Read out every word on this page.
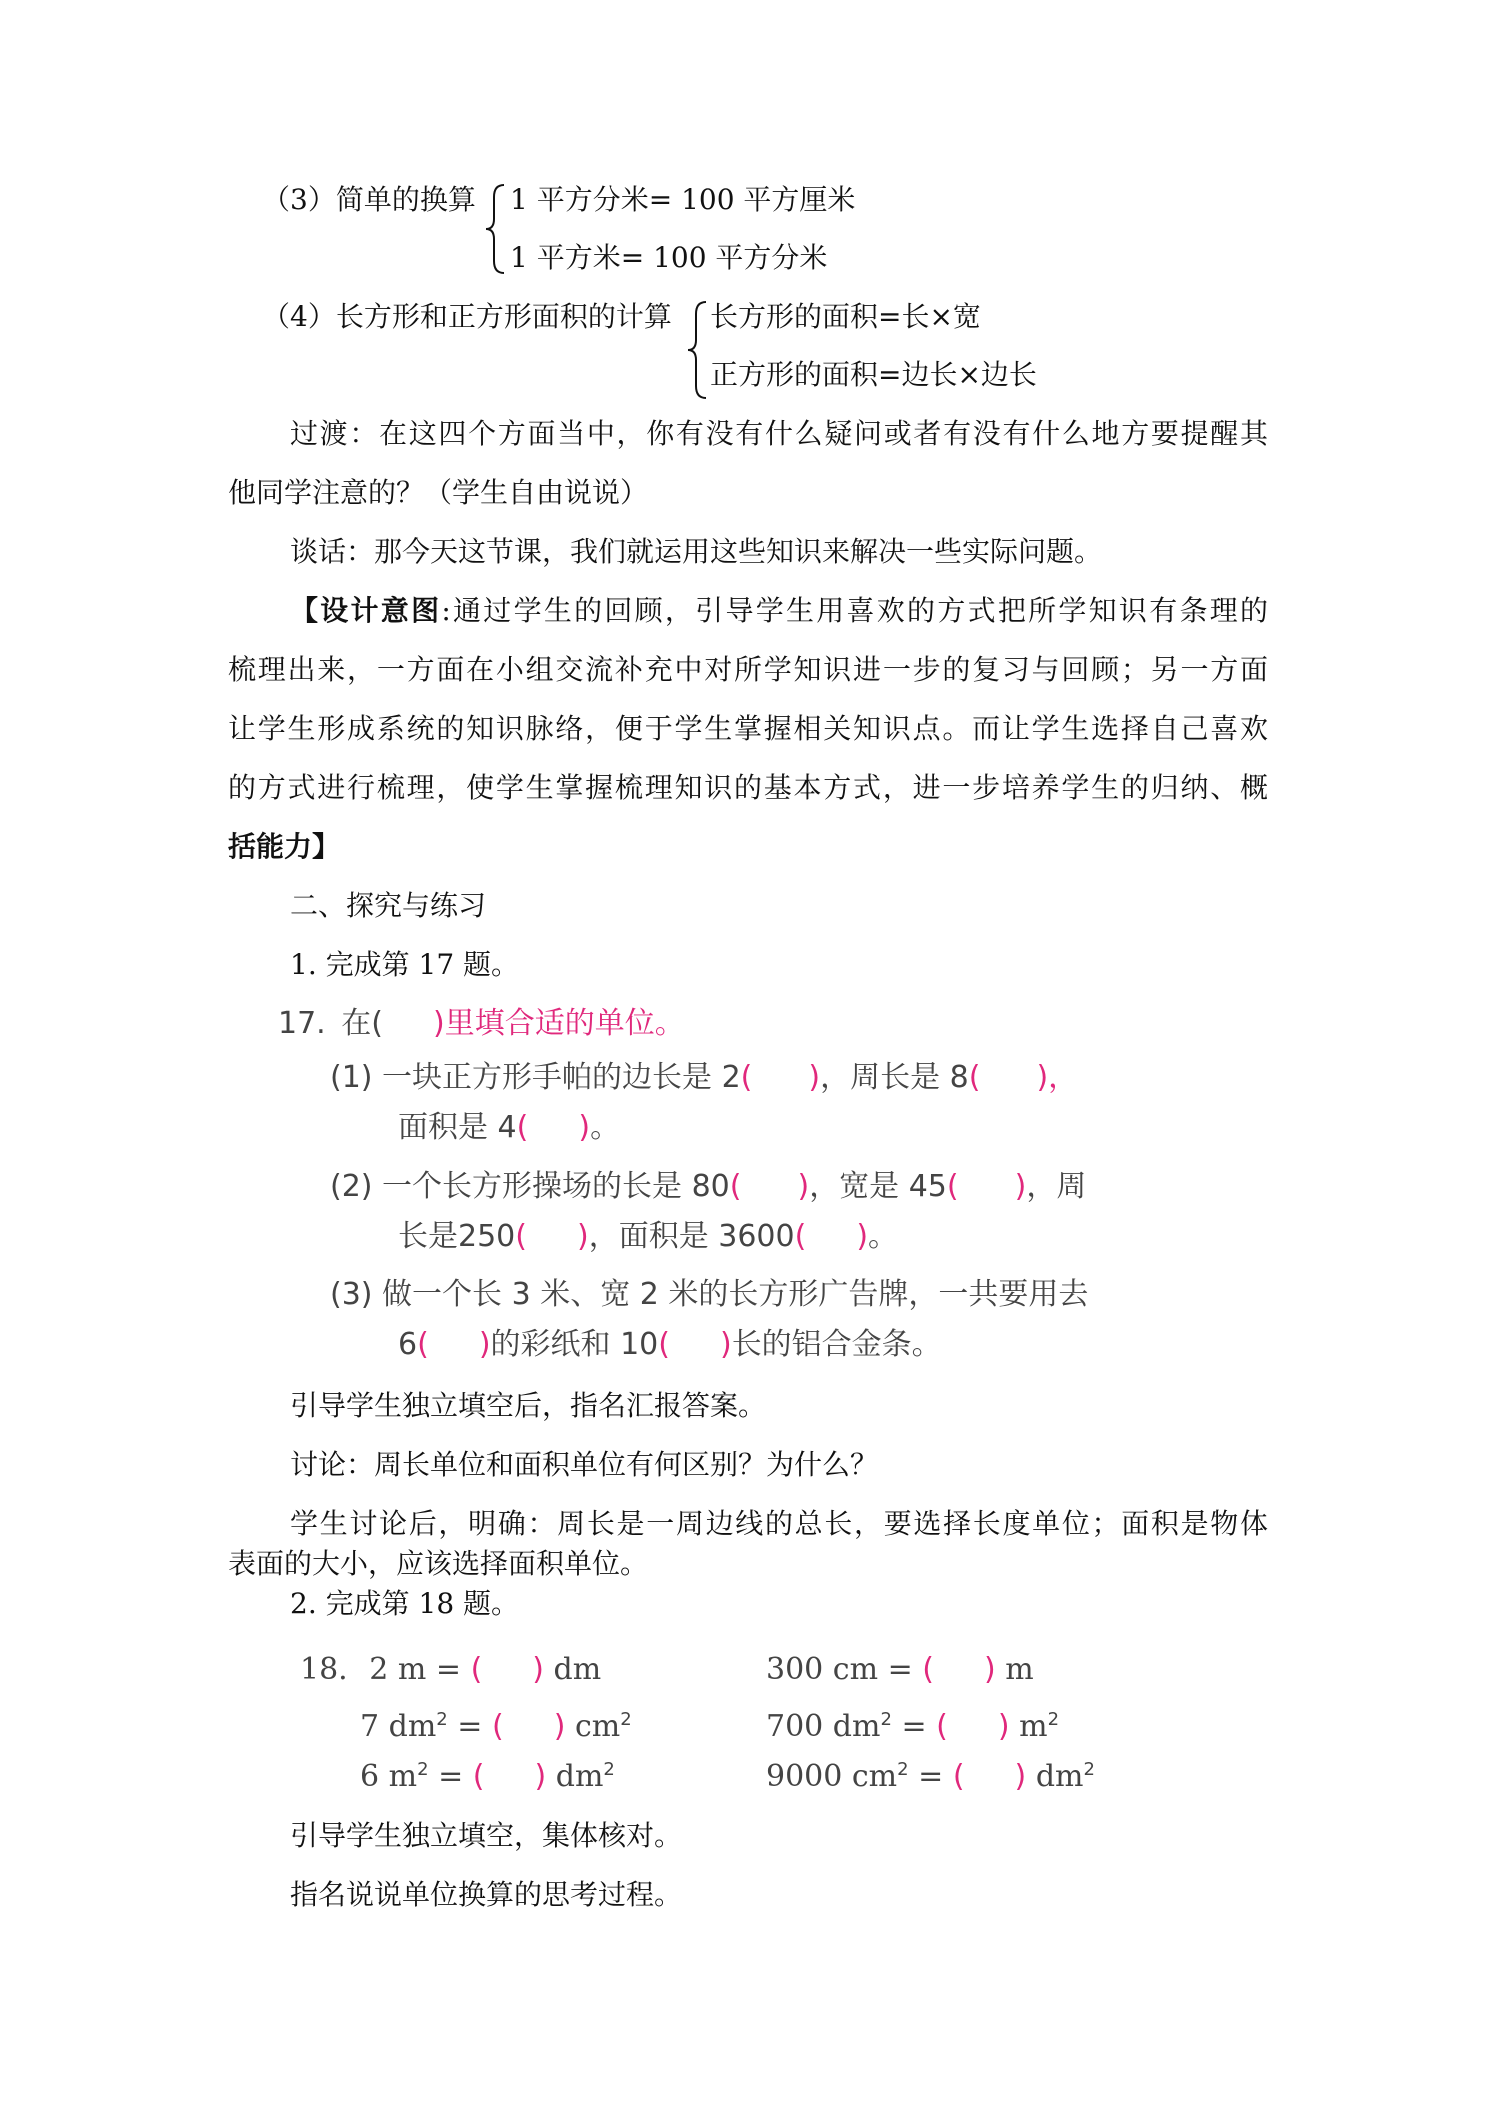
（3）简单的换算 1 平方分米= 100 平方厘米
1 平方米= 100 平方分米
（4）长方形和正方形面积的计算 长方形的面积=长×宽
正方形的面积=边长×边长
过渡：在这四个方面当中，你有没有什么疑问或者有没有什么地方要提醒其
他同学注意的？（学生自由说说）
谈话：那今天这节课，我们就运用这些知识来解决一些实际问题。
【设计意图:通过学生的回顾，引导学生用喜欢的方式把所学知识有条理的
梳理出来，一方面在小组交流补充中对所学知识进一步的复习与回顾；另一方面
让学生形成系统的知识脉络，便于学生掌握相关知识点。而让学生选择自己喜欢
的方式进行梳理，使学生掌握梳理知识的基本方式，进一步培养学生的归纳、概
括能力】
二、探究与练习
1. 完成第 17 题。
17. 在( )里填合适的单位。
(1) 一块正方形手帕的边长是 2( )，周长是 8( )，
面积是 4( )。
(2) 一个长方形操场的长是 80( )，宽是 45( )，周
长是250( )，面积是 3600( )。
(3) 做一个长 3 米、宽 2 米的长方形广告牌，一共要用去
6( )的彩纸和 10( )长的铝合金条。
引导学生独立填空后，指名汇报答案。
讨论：周长单位和面积单位有何区别？为什么？
学生讨论后，明确：周长是一周边线的总长，要选择长度单位；面积是物体
表面的大小，应该选择面积单位。
2. 完成第 18 题。
18. 2 m = ( ) dm	300 cm = ( ) m
7 $dm^2$ = ( ) $cm^2$	700 $dm^2$ = ( ) $m^2$
6 $m^2$ = ( ) $dm^2$	9000 $cm^2$ = ( ) $dm^2$
引导学生独立填空，集体核对。
指名说说单位换算的思考过程。
